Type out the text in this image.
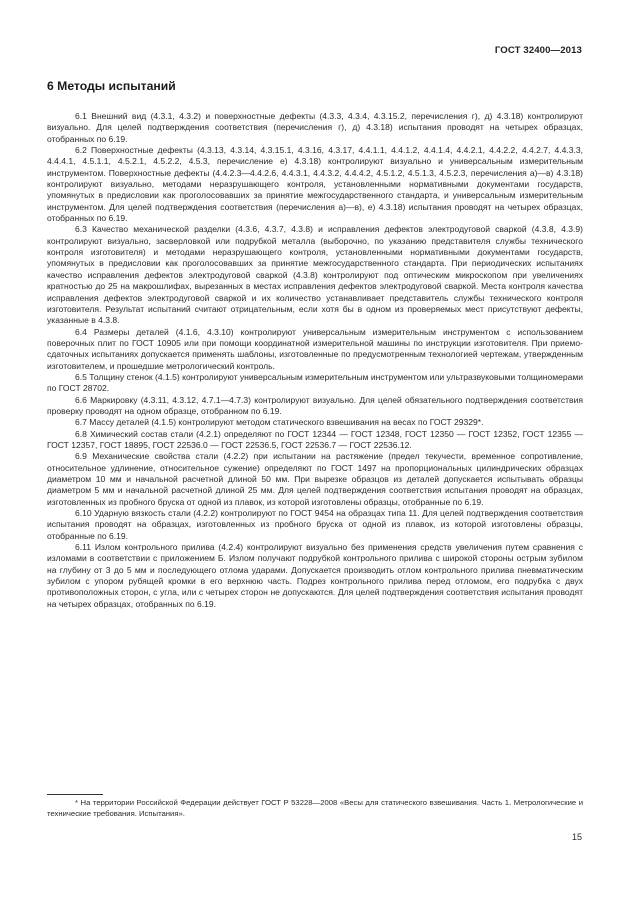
ГОСТ 32400—2013
6 Методы испытаний

6.1 Внешний вид (4.3.1, 4.3.2) и поверхностные дефекты (4.3.3, 4.3.4, 4.3.15.2, перечисления г), д) 4.3.18) контролируют визуально. Для целей подтверждения соответствия (перечисления г), д) 4.3.18) испытания проводят на четырех образцах, отобранных по 6.19.

6.2 Поверхностные дефекты (4.3.13, 4.3.14, 4.3.15.1, 4.3.16, 4.3.17, 4.4.1.1, 4.4.1.2, 4.4.1.4, 4.4.2.1, 4.4.2.2, 4.4.2.7, 4.4.3.3, 4.4.4.1, 4.5.1.1, 4.5.2.1, 4.5.2.2, 4.5.3, перечисление е) 4.3.18) контролируют визуально и универсальным измерительным инструментом. Поверхностные дефекты (4.4.2.3—4.4.2.6, 4.4.3.1, 4.4.3.2, 4.4.4.2, 4.5.1.2, 4.5.1.3, 4.5.2.3, перечисления а)—в) 4.3.18) контролируют визуально, методами неразрушающего контроля, установленными нормативными документами государств, упомянутых в предисловии как проголосовавших за принятие межгосударственного стандарта, и универсальным измерительным инструментом. Для целей подтверждения соответствия (перечисления а)—в), е) 4.3.18) испытания проводят на четырех образцах, отобранных по 6.19.

6.3 Качество механической разделки (4.3.6, 4.3.7, 4.3.8) и исправления дефектов электродуговой сваркой (4.3.8, 4.3.9) контролируют визуально, засверловкой или подрубкой металла (выборочно, по указанию представителя службы технического контроля изготовителя) и методами неразрушающего контроля, установленными нормативными документами государств, упомянутых в предисловии как проголосовавших за принятие межгосударственного стандарта. При периодических испытаниях качество исправления дефектов электродуговой сваркой (4.3.8) контролируют под оптическим микроскопом при увеличениях кратностью до 25 на макрошлифах, вырезанных в местах исправления дефектов электродуговой сваркой. Места контроля качества исправления дефектов электродуговой сваркой и их количество устанавливает представитель службы технического контроля изготовителя. Результат испытаний считают отрицательным, если хотя бы в одном из проверяемых мест присутствуют дефекты, указанные в 4.3.8.

6.4 Размеры деталей (4.1.6, 4.3.10) контролируют универсальным измерительным инструментом с использованием поверочных плит по ГОСТ 10905 или при помощи координатной измерительной машины по инструкции изготовителя. При приемо-сдаточных испытаниях допускается применять шаблоны, изготовленные по предусмотренным технологией чертежам, утвержденным изготовителем, и прошедшие метрологический контроль.

6.5 Толщину стенок (4.1.5) контролируют универсальным измерительным инструментом или ультразвуковыми толщиномерами по ГОСТ 28702.

6.6 Маркировку (4.3.11, 4.3.12, 4.7.1—4.7.3) контролируют визуально. Для целей обязательного подтверждения соответствия проверку проводят на одном образце, отобранном по 6.19.

6.7 Массу деталей (4.1.5) контролируют методом статического взвешивания на весах по ГОСТ 29329*.

6.8 Химический состав стали (4.2.1) определяют по ГОСТ 12344 — ГОСТ 12348, ГОСТ 12350 — ГОСТ 12352, ГОСТ 12355 — ГОСТ 12357, ГОСТ 18895, ГОСТ 22536.0 — ГОСТ 22536.5, ГОСТ 22536.7 — ГОСТ 22536.12.

6.9 Механические свойства стали (4.2.2) при испытании на растяжение (предел текучести, временное сопротивление, относительное удлинение, относительное сужение) определяют по ГОСТ 1497 на пропорциональных цилиндрических образцах диаметром 10 мм и начальной расчетной длиной 50 мм. При вырезке образцов из деталей допускается испытывать образцы диаметром 5 мм и начальной расчетной длиной 25 мм. Для целей подтверждения соответствия испытания проводят на образцах, изготовленных из пробного бруска от одной из плавок, из которой изготовлены образцы, отобранные по 6.19.

6.10 Ударную вязкость стали (4.2.2) контролируют по ГОСТ 9454 на образцах типа 11. Для целей подтверждения соответствия испытания проводят на образцах, изготовленных из пробного бруска от одной из плавок, из которой изготовлены образцы, отобранные по 6.19.

6.11 Излом контрольного прилива (4.2.4) контролируют визуально без применения средств увеличения путем сравнения с изломами в соответствии с приложением Б. Излом получают подрубкой контрольного прилива с широкой стороны острым зубилом на глубину от 3 до 5 мм и последующего отлома ударами. Допускается производить отлом контрольного прилива пневматическим зубилом с упором рубящей кромки в его верхнюю часть. Подрез контрольного прилива перед отломом, его подрубка с двух противоположных сторон, с угла, или с четырех сторон не допускаются. Для целей подтверждения соответствия испытания проводят на четырех образцах, отобранных по 6.19.

* На территории Российской Федерации действует ГОСТ Р 53228—2008 «Весы для статического взвешивания. Часть 1. Метрологические и технические требования. Испытания».

15
